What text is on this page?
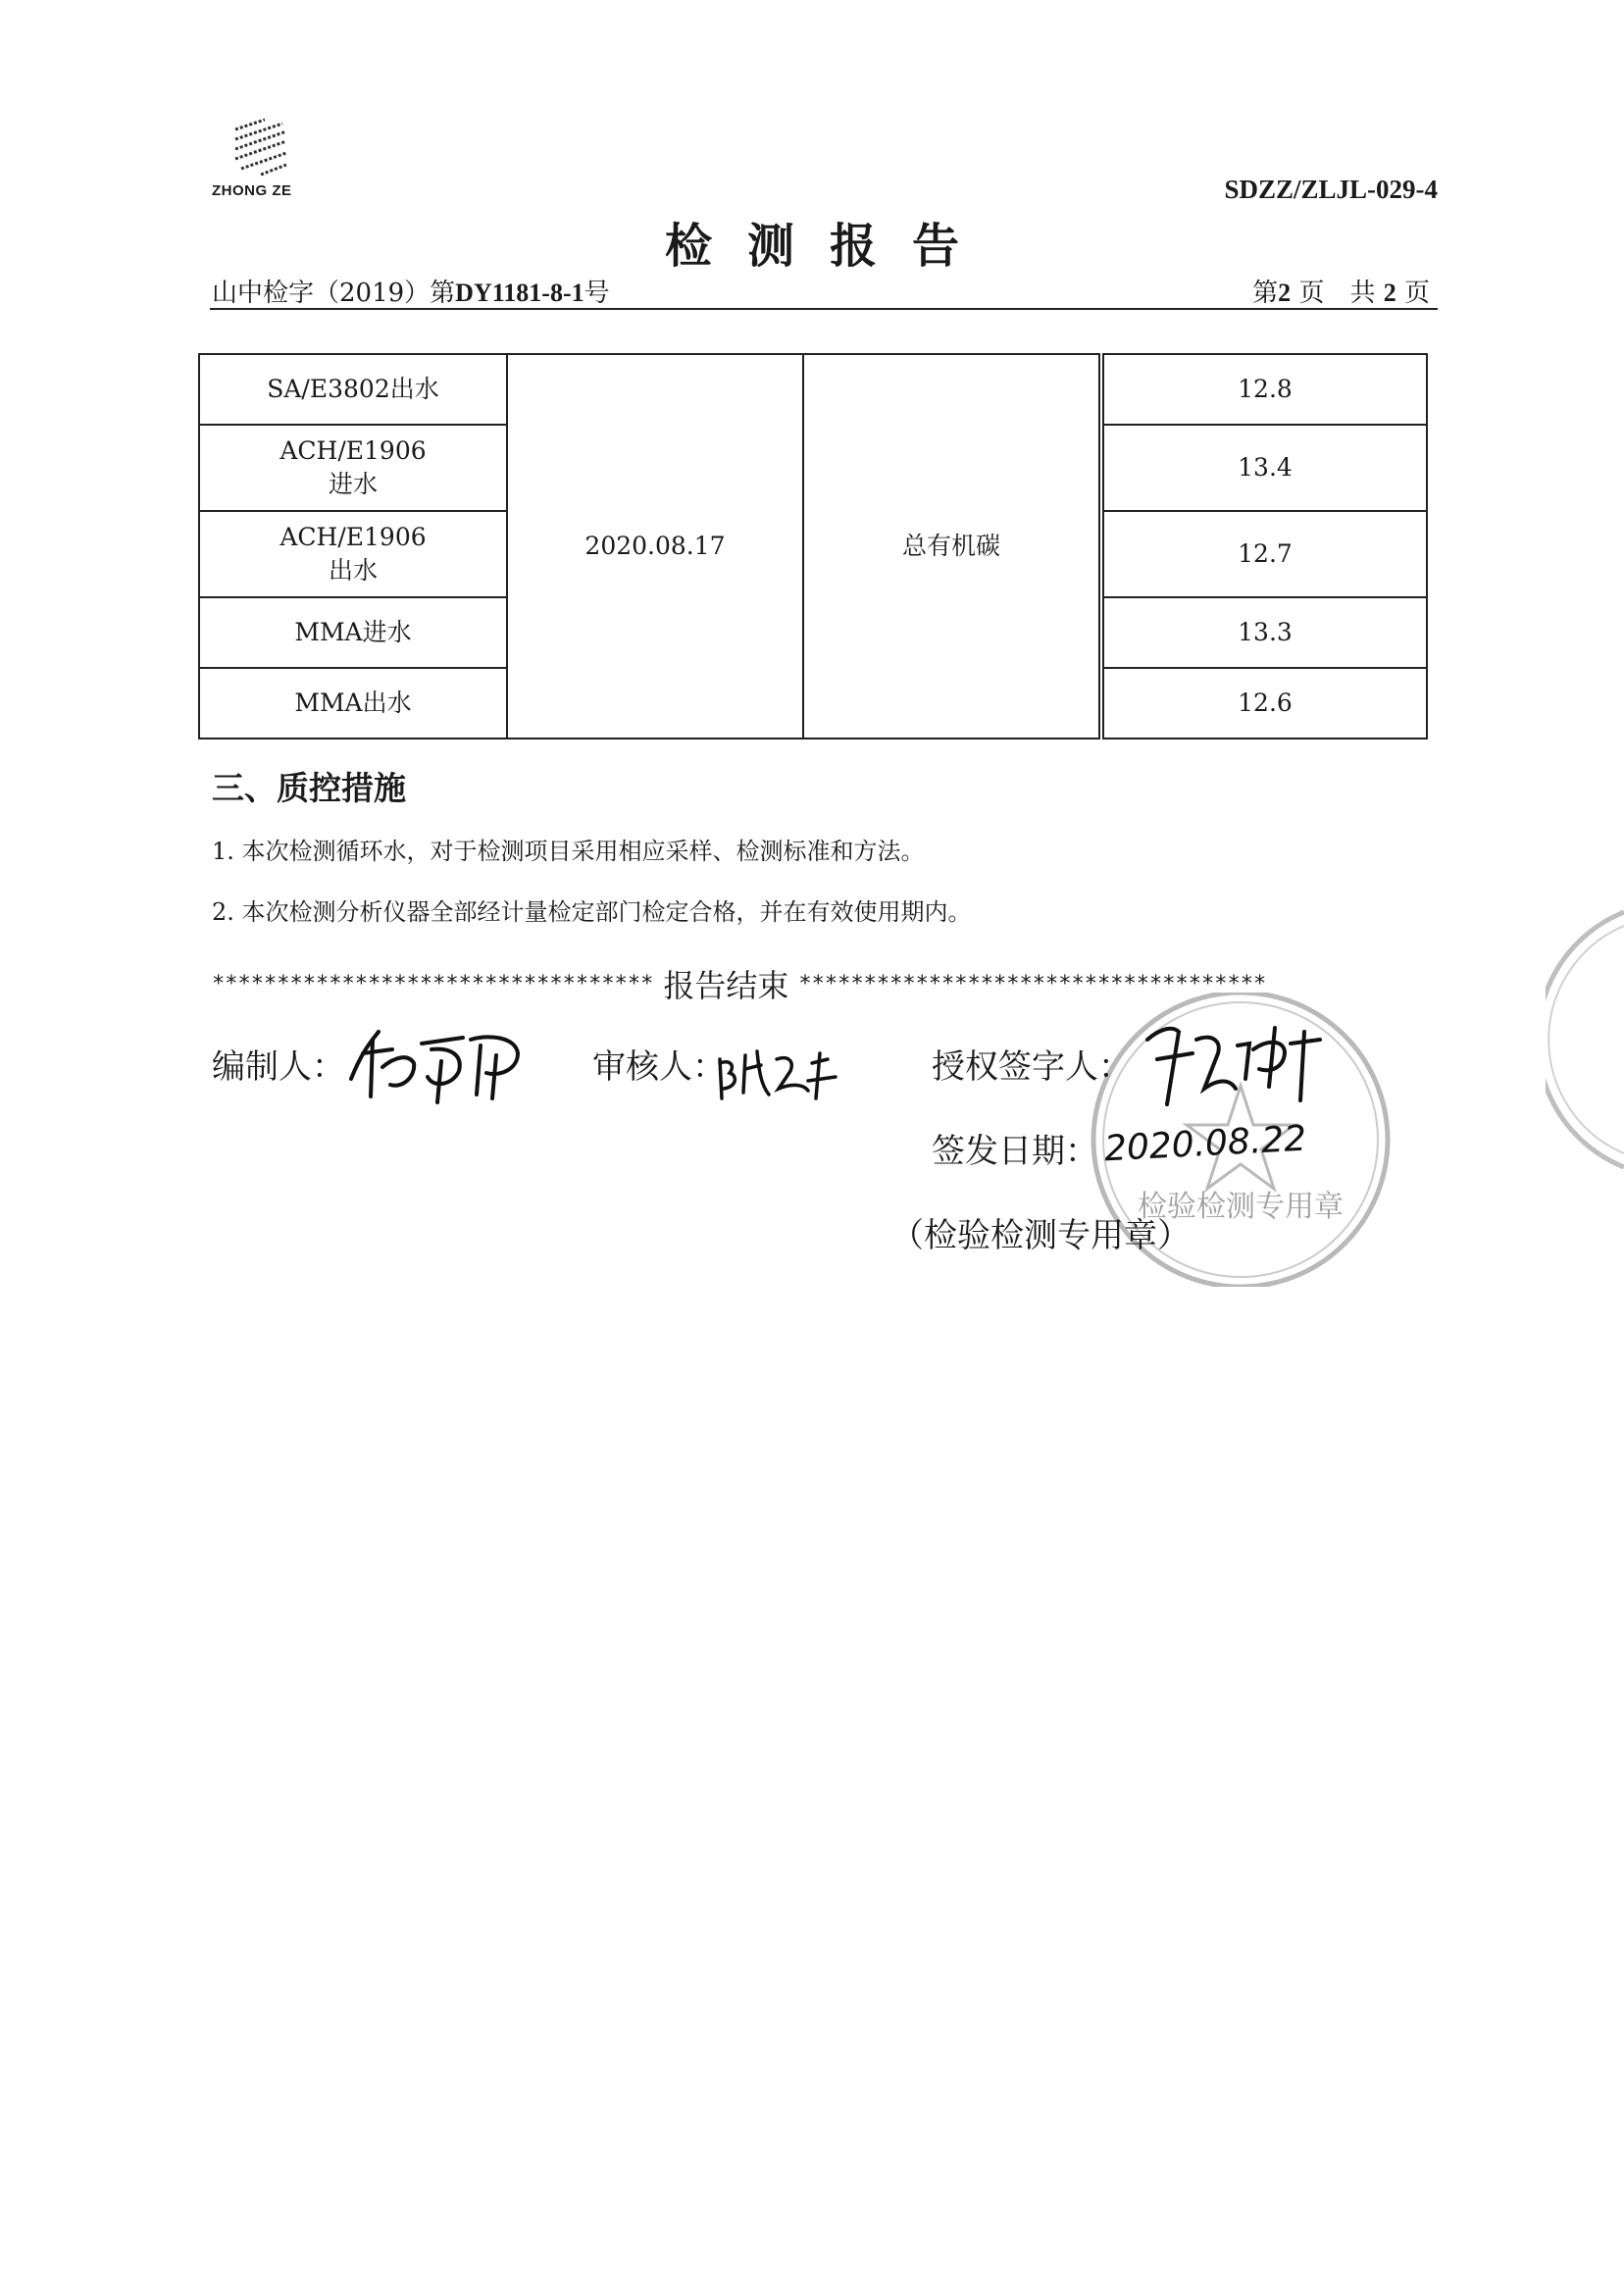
ZHONG ZE	SDZZ/ZLJL-029-4
检测报告
山中检字（2019）第DY1181-8-1号	第2 页　共 2 页
SA/E3802出水	2020.08.17	总有机碳		12.8
ACH/E1906
进水				13.4
ACH/E1906
出水				12.7
MMA进水				13.3
MMA出水				12.6
三、质控措施
1. 本次检测循环水，对于检测项目采用相应采样、检测标准和方法。
2. 本次检测分析仪器全部经计量检定部门检定合格，并在有效使用期内。
********************************** 报告结束 ************************************
检验检测专用章
编制人：	审核人：	授权签字人：
签发日期： 2020.08.22
（检验检测专用章）
